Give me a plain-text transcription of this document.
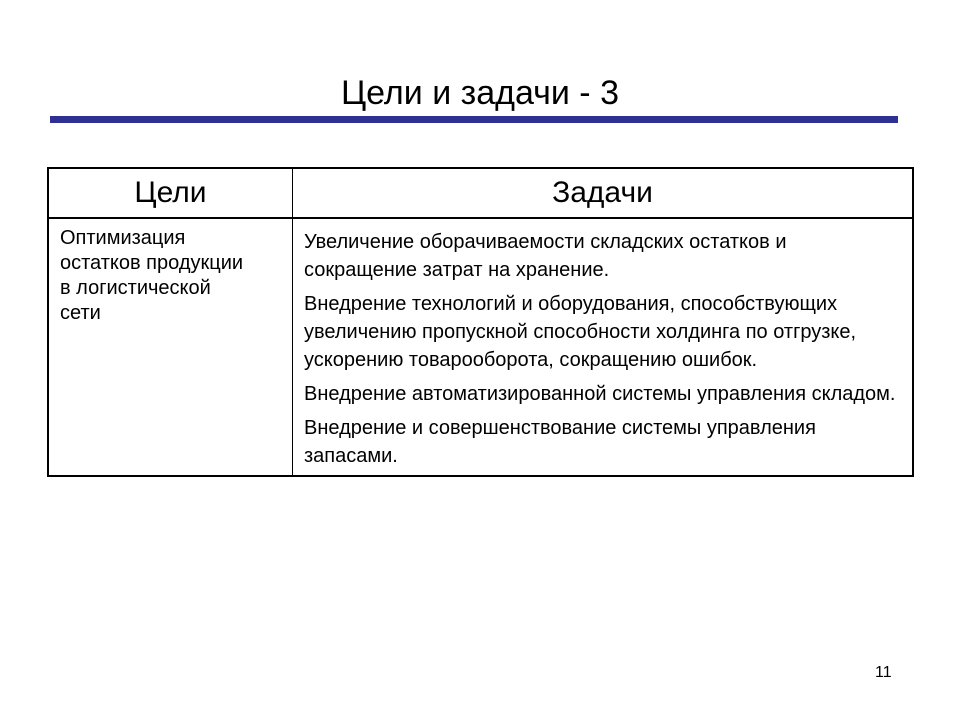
Цели и задачи - 3
Цели	Задачи

Оптимизация остатков продукции в логистической сети	Увеличение оборачиваемости складских остатков и сокращение затрат на хранение.

Внедрение технологий и оборудования, способствующих увеличению пропускной способности холдинга по отгрузке, ускорению товарооборота, сокращению ошибок.

Внедрение автоматизированной системы управления складом.

Внедрение и совершенствование системы управления запасами.

11
